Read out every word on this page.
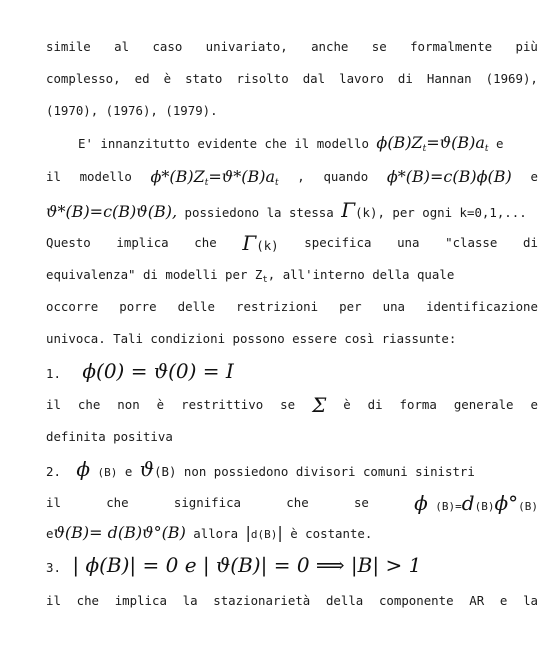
simile al caso univariato, anche se formalmente più
complesso, ed è stato risolto dal lavoro di Hannan (1969),
(1970), (1976), (1979).
E' innanzitutto evidente che il modello $\phi(B)Z_t=ϑ(B)a_t$ e
il modello $\phi*(B)Z_t=ϑ*(B)a_t$ , quando ϕ*(B)=c(B)ϕ(B) e
ϑ*(B)=c(B)ϑ(B), possiedono la stessa Γ(k), per ogni k=0,1,...
Questo implica che Γ(k) specifica una "classe di
equivalenza" di modelli per $Z_t$, all'interno della quale
occorre porre delle restrizioni per una identificazione
univoca. Tali condizioni possono essere così riassunte:
1. ϕ(0) = ϑ(0) = I
il che non è restrittivo se Σ è di forma generale e
definita positiva
2. ϕ (B) e ϑ(B) non possiedono divisori comuni sinistri
il	che	significa	che	se ϕ (B)=d(B)ϕ°(B)
eϑ(B)= d(B)ϑ°(B) allora |d(B)| è costante.
3. | ϕ(B)| = 0 e | ϑ(B)| = 0 ⟹ |B| > 1
il che implica la stazionarietà della componente AR e la
